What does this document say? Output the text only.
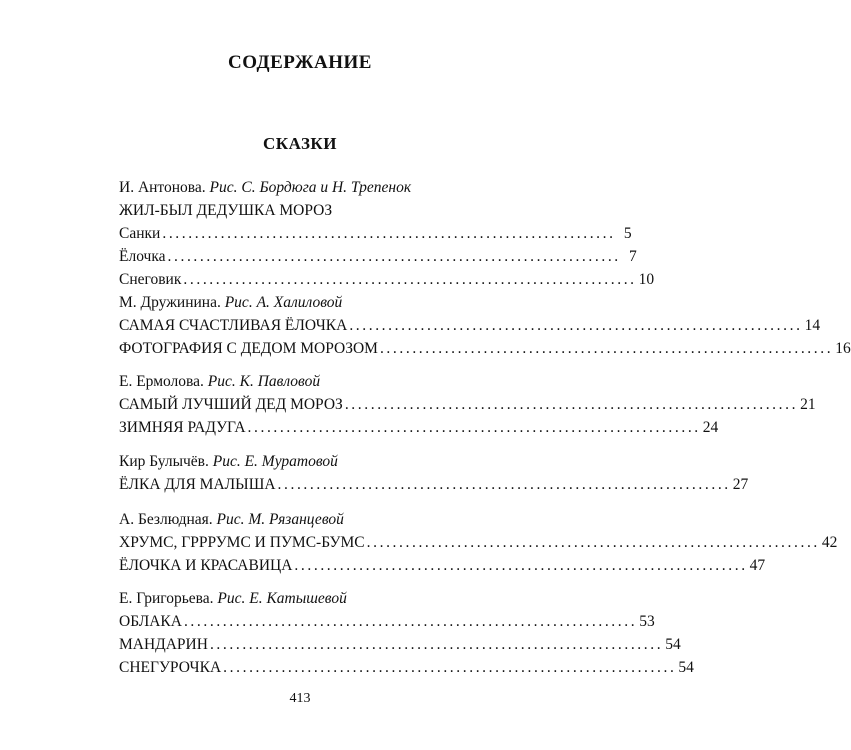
СОДЕРЖАНИЕ
СКАЗКИ
И. Антонова. Рис. С. Бордюга и Н. Трепенок
ЖИЛ-БЫЛ ДЕДУШКА МОРОЗ
Санки ...................................................................... 5
Ёлочка ...................................................................... 7
Снеговик ...................................................................... 10
М. Дружинина. Рис. А. Халиловой
САМАЯ СЧАСТЛИВАЯ ЁЛОЧКА ...................................................................... 14
ФОТОГРАФИЯ С ДЕДОМ МОРОЗОМ ...................................................................... 16
Е. Ермолова. Рис. К. Павловой
САМЫЙ ЛУЧШИЙ ДЕД МОРОЗ ...................................................................... 21
ЗИМНЯЯ РАДУГА ...................................................................... 24
Кир Булычёв. Рис. Е. Муратовой
ЁЛКА ДЛЯ МАЛЫША ...................................................................... 27
А. Безлюдная. Рис. М. Рязанцевой
ХРУМС, ГРРРУМС И ПУМС-БУМС ...................................................................... 42
ЁЛОЧКА И КРАСАВИЦА ...................................................................... 47
Е. Григорьева. Рис. Е. Катышевой
ОБЛАКА ...................................................................... 53
МАНДАРИН ...................................................................... 54
СНЕГУРОЧКА ...................................................................... 54
413
